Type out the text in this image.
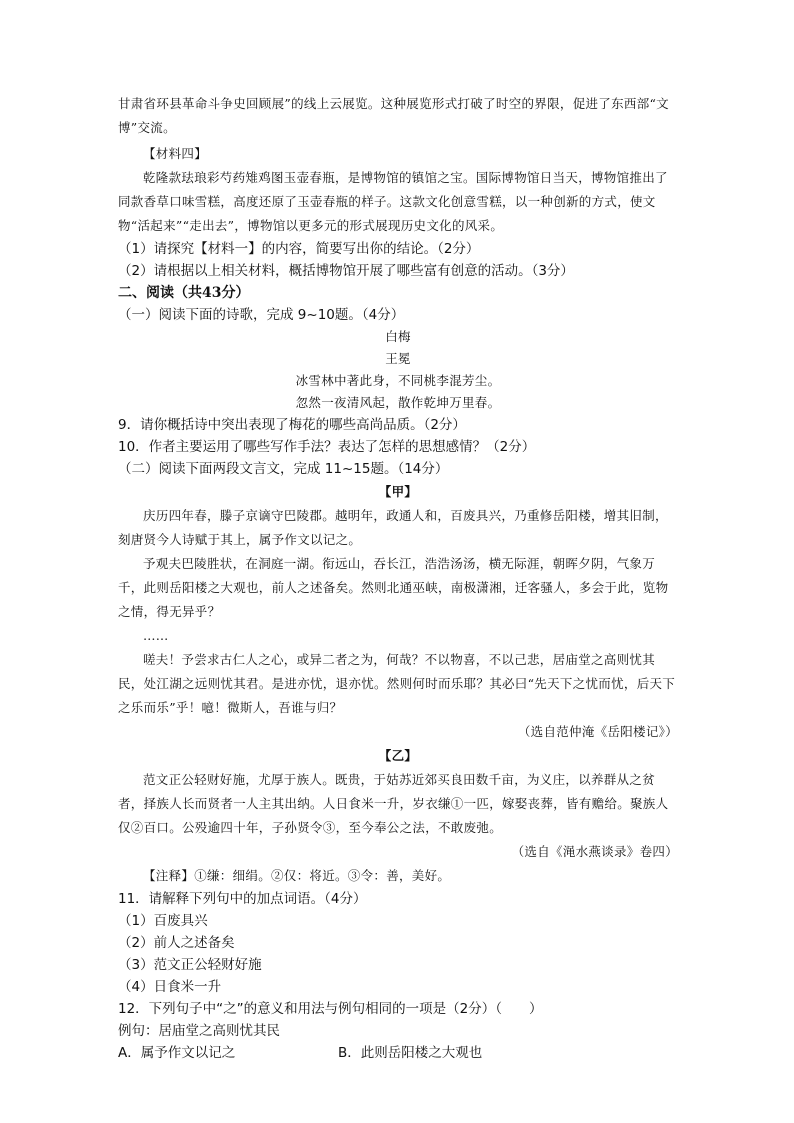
甘肃省环县革命斗争史回顾展”的线上云展览。这种展览形式打破了时空的界限，促进了东西部“文博”交流。

【材料四】

乾隆款珐琅彩芍药雉鸡图玉壶春瓶，是博物馆的镇馆之宝。国际博物馆日当天，博物馆推出了同款香草口味雪糕，高度还原了玉壶春瓶的样子。这款文化创意雪糕，以一种创新的方式，使文物“活起来”“走出去”，博物馆以更多元的形式展现历史文化的风采。

（1）请探究【材料一】的内容，简要写出你的结论。（2分）

（2）请根据以上相关材料，概括博物馆开展了哪些富有创意的活动。（3分）

二、阅读（共43分）

（一）阅读下面的诗歌，完成 9~10题。（4分）

白梅

王冕

冰雪林中著此身，不同桃李混芳尘。

忽然一夜清风起，散作乾坤万里春。

9．请你概括诗中突出表现了梅花的哪些高尚品质。（2分）

10．作者主要运用了哪些写作手法？表达了怎样的思想感情？（2分）

（二）阅读下面两段文言文，完成 11~15题。（14分）

【甲】

庆历四年春，滕子京谪守巴陵郡。越明年，政通人和，百废具兴，乃重修岳阳楼，增其旧制，刻唐贤今人诗赋于其上，属予作文以记之。

予观夫巴陵胜状，在洞庭一湖。衔远山，吞长江，浩浩汤汤，横无际涯，朝晖夕阴，气象万千，此则岳阳楼之大观也，前人之述备矣。然则北通巫峡，南极潇湘，迁客骚人，多会于此，览物之情，得无异乎？

……

嗟夫！予尝求古仁人之心，或异二者之为，何哉？不以物喜，不以己悲，居庙堂之高则忧其民，处江湖之远则忧其君。是进亦忧，退亦忧。然则何时而乐耶？其必曰“先天下之忧而忧，后天下之乐而乐”乎！噫！微斯人，吾谁与归？

（选自范仲淹《岳阳楼记》）

【乙】

范文正公轻财好施，尤厚于族人。既贵，于姑苏近郊买良田数千亩，为义庄，以养群从之贫者，择族人长而贤者一人主其出纳。人日食米一升，岁衣缣①一匹，嫁娶丧葬，皆有赡给。聚族人仅②百口。公殁逾四十年，子孙贤令③，至今奉公之法，不敢废弛。

（选自《渑水燕谈录》卷四）

【注释】①缣：细绢。②仅：将近。③令：善，美好。

11．请解释下列句中的加点词语。（4分）

（1）百废具兴

（2）前人之述备矣

（3）范文正公轻财好施

（4）日食米一升

12．下列句子中“之”的意义和用法与例句相同的一项是（2分）（　　）

例句：居庙堂之高则忧其民

A．属予作文以记之	B．此则岳阳楼之大观也
